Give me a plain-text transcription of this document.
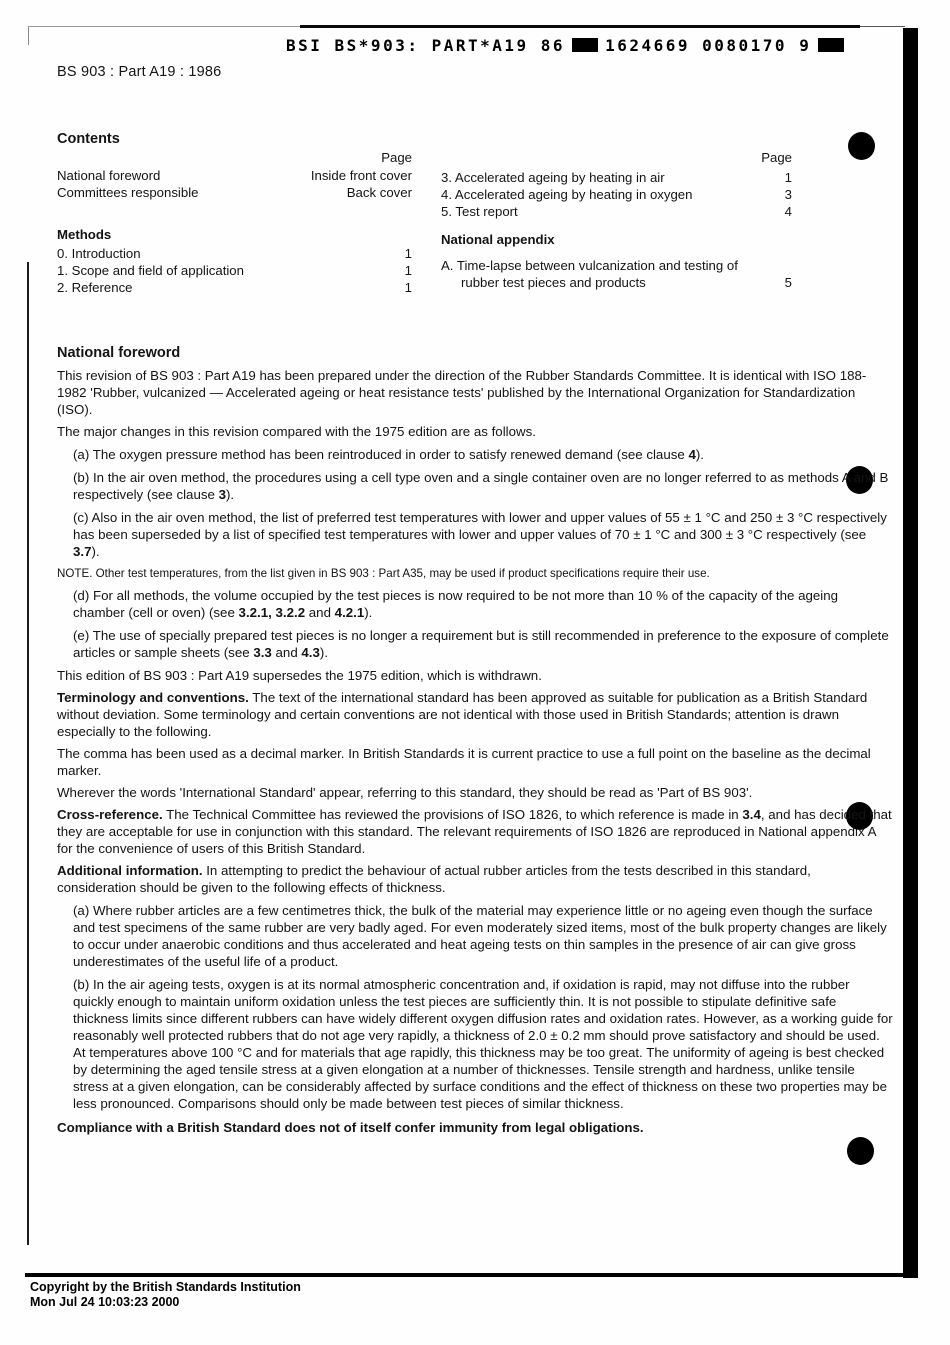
BSI BS*903: PART*A19 86	1624669 0080170 9
BS 903 : Part A19 : 1986
Contents
Page
National foreword	Inside front cover
Committees responsible	Back cover
Methods
0. Introduction	1
1. Scope and field of application	1
2. Reference	1
Page
3. Accelerated ageing by heating in air	1
4. Accelerated ageing by heating in oxygen	3
5. Test report	4
National appendix
A. Time-lapse between vulcanization and testing of
rubber test pieces and products	5
National foreword
This revision of BS 903 : Part A19 has been prepared under the direction of the Rubber Standards Committee. It is identical with ISO 188-1982 'Rubber, vulcanized — Accelerated ageing or heat resistance tests' published by the International Organization for Standardization (ISO).
The major changes in this revision compared with the 1975 edition are as follows.
(a) The oxygen pressure method has been reintroduced in order to satisfy renewed demand (see clause 4).
(b) In the air oven method, the procedures using a cell type oven and a single container oven are no longer referred to as methods A and B respectively (see clause 3).
(c) Also in the air oven method, the list of preferred test temperatures with lower and upper values of 55 ± 1 °C and 250 ± 3 °C respectively has been superseded by a list of specified test temperatures with lower and upper values of 70 ± 1 °C and 300 ± 3 °C respectively (see 3.7).
NOTE. Other test temperatures, from the list given in BS 903 : Part A35, may be used if product specifications require their use.
(d) For all methods, the volume occupied by the test pieces is now required to be not more than 10 % of the capacity of the ageing chamber (cell or oven) (see 3.2.1, 3.2.2 and 4.2.1).
(e) The use of specially prepared test pieces is no longer a requirement but is still recommended in preference to the exposure of complete articles or sample sheets (see 3.3 and 4.3).
This edition of BS 903 : Part A19 supersedes the 1975 edition, which is withdrawn.
Terminology and conventions. The text of the international standard has been approved as suitable for publication as a British Standard without deviation. Some terminology and certain conventions are not identical with those used in British Standards; attention is drawn especially to the following.
The comma has been used as a decimal marker. In British Standards it is current practice to use a full point on the baseline as the decimal marker.
Wherever the words 'International Standard' appear, referring to this standard, they should be read as 'Part of BS 903'.
Cross-reference. The Technical Committee has reviewed the provisions of ISO 1826, to which reference is made in 3.4, and has decided that they are acceptable for use in conjunction with this standard. The relevant requirements of ISO 1826 are reproduced in National appendix A for the convenience of users of this British Standard.
Additional information. In attempting to predict the behaviour of actual rubber articles from the tests described in this standard, consideration should be given to the following effects of thickness.
(a) Where rubber articles are a few centimetres thick, the bulk of the material may experience little or no ageing even though the surface and test specimens of the same rubber are very badly aged. For even moderately sized items, most of the bulk property changes are likely to occur under anaerobic conditions and thus accelerated and heat ageing tests on thin samples in the presence of air can give gross underestimates of the useful life of a product.
(b) In the air ageing tests, oxygen is at its normal atmospheric concentration and, if oxidation is rapid, may not diffuse into the rubber quickly enough to maintain uniform oxidation unless the test pieces are sufficiently thin. It is not possible to stipulate definitive safe thickness limits since different rubbers can have widely different oxygen diffusion rates and oxidation rates. However, as a working guide for reasonably well protected rubbers that do not age very rapidly, a thickness of 2.0 ± 0.2 mm should prove satisfactory and should be used. At temperatures above 100 °C and for materials that age rapidly, this thickness may be too great. The uniformity of ageing is best checked by determining the aged tensile stress at a given elongation at a number of thicknesses. Tensile strength and hardness, unlike tensile stress at a given elongation, can be considerably affected by surface conditions and the effect of thickness on these two properties may be less pronounced. Comparisons should only be made between test pieces of similar thickness.
Compliance with a British Standard does not of itself confer immunity from legal obligations.
Copyright by the British Standards Institution
Mon Jul 24 10:03:23 2000
